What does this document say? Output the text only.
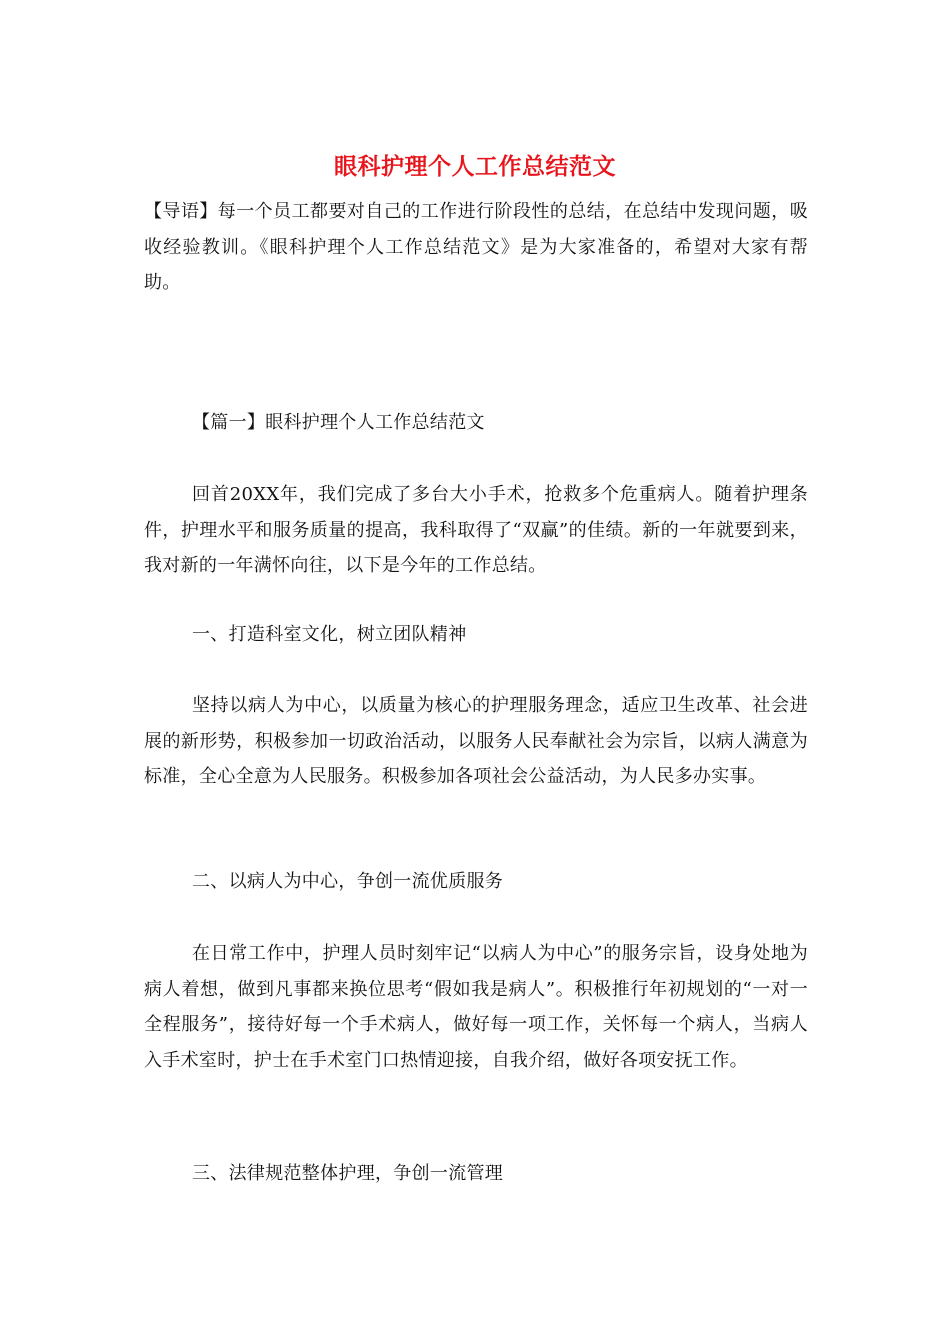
眼科护理个人工作总结范文
【导语】每一个员工都要对自己的工作进行阶段性的总结，在总结中发现问题，吸收经验教训。《眼科护理个人工作总结范文》是为大家准备的，希望对大家有帮助。
【篇一】眼科护理个人工作总结范文
回首20XX年，我们完成了多台大小手术，抢救多个危重病人。随着护理条件，护理水平和服务质量的提高，我科取得了“双赢”的佳绩。新的一年就要到来，我对新的一年满怀向往，以下是今年的工作总结。
一、打造科室文化，树立团队精神
坚持以病人为中心，以质量为核心的护理服务理念，适应卫生改革、社会进展的新形势，积极参加一切政治活动，以服务人民奉献社会为宗旨，以病人满意为标准，全心全意为人民服务。积极参加各项社会公益活动，为人民多办实事。
二、以病人为中心，争创一流优质服务
在日常工作中，护理人员时刻牢记“以病人为中心”的服务宗旨，设身处地为病人着想，做到凡事都来换位思考“假如我是病人”。积极推行年初规划的“一对一全程服务”，接待好每一个手术病人，做好每一项工作，关怀每一个病人，当病人入手术室时，护士在手术室门口热情迎接，自我介绍，做好各项安抚工作。
三、法律规范整体护理，争创一流管理
